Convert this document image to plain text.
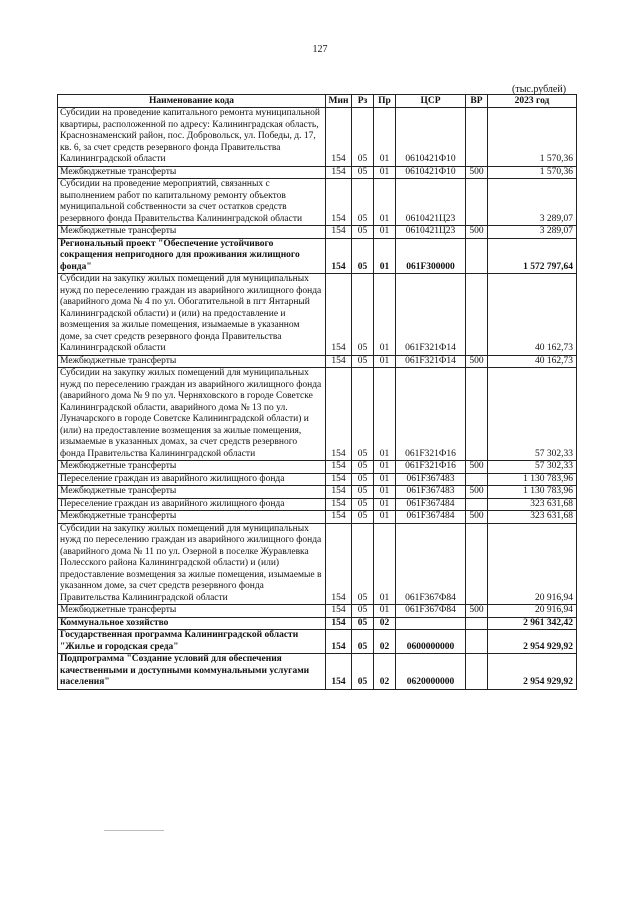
127
(тыс.рублей)
Наименование кода	Мин	Рз	Пр	ЦСР	ВР	2023 год
Субсидии на проведение капитального ремонта муниципальной квартиры, расположенной по адресу: Калининградская область, Краснознаменский район, пос. Добровольск, ул. Победы, д. 17, кв. 6, за счет средств резервного фонда Правительства Калининградской области	154	05	01	0610421Ф10		1 570,36
Межбюджетные трансферты	154	05	01	0610421Ф10	500	1 570,36
Субсидии на проведение мероприятий, связанных с выполнением работ по капитальному ремонту объектов муниципальной собственности за счет остатков средств резервного фонда Правительства Калининградской области	154	05	01	0610421Ц23		3 289,07
Межбюджетные трансферты	154	05	01	0610421Ц23	500	3 289,07
Региональный проект "Обеспечение устойчивого сокращения непригодного для проживания жилищного фонда"	154	05	01	061F300000		1 572 797,64
Субсидии на закупку жилых помещений для муниципальных нужд по переселению граждан из аварийного жилищного фонда (аварийного дома № 4 по ул. Обогатительной в пгт Янтарный Калининградской области) и (или) на предоставление и возмещения за жилые помещения, изымаемые в указанном доме, за счет средств резервного фонда Правительства Калининградской области	154	05	01	061F321Ф14		40 162,73
Межбюджетные трансферты	154	05	01	061F321Ф14	500	40 162,73
Субсидии на закупку жилых помещений для муниципальных нужд по переселению граждан из аварийного жилищного фонда (аварийного дома № 9 по ул. Черняховского в городе Советске Калининградской области, аварийного дома № 13 по ул. Луначарского в городе Советске Калининградской области) и (или) на предоставление возмещения за жилые помещения, изымаемые в указанных домах, за счет средств резервного фонда Правительства Калининградской области	154	05	01	061F321Ф16		57 302,33
Межбюджетные трансферты	154	05	01	061F321Ф16	500	57 302,33
Переселение граждан из аварийного жилищного фонда	154	05	01	061F367483		1 130 783,96
Межбюджетные трансферты	154	05	01	061F367483	500	1 130 783,96
Переселение граждан из аварийного жилищного фонда	154	05	01	061F367484		323 631,68
Межбюджетные трансферты	154	05	01	061F367484	500	323 631,68
Субсидии на закупку жилых помещений для муниципальных нужд по переселению граждан из аварийного жилищного фонда (аварийного дома № 11 по ул. Озерной в поселке Журавлевка Полесского района Калининградской области) и (или) предоставление возмещения за жилые помещения, изымаемые в указанном доме, за счет средств резервного фонда Правительства Калининградской области	154	05	01	061F367Ф84		20 916,94
Межбюджетные трансферты	154	05	01	061F367Ф84	500	20 916,94
Коммунальное хозяйство	154	05	02			2 961 342,42
Государственная программа Калининградской области "Жилье и городская среда"	154	05	02	0600000000		2 954 929,92
Подпрограмма "Создание условий для обеспечения качественными и доступными коммунальными услугами населения"	154	05	02	0620000000		2 954 929,92
